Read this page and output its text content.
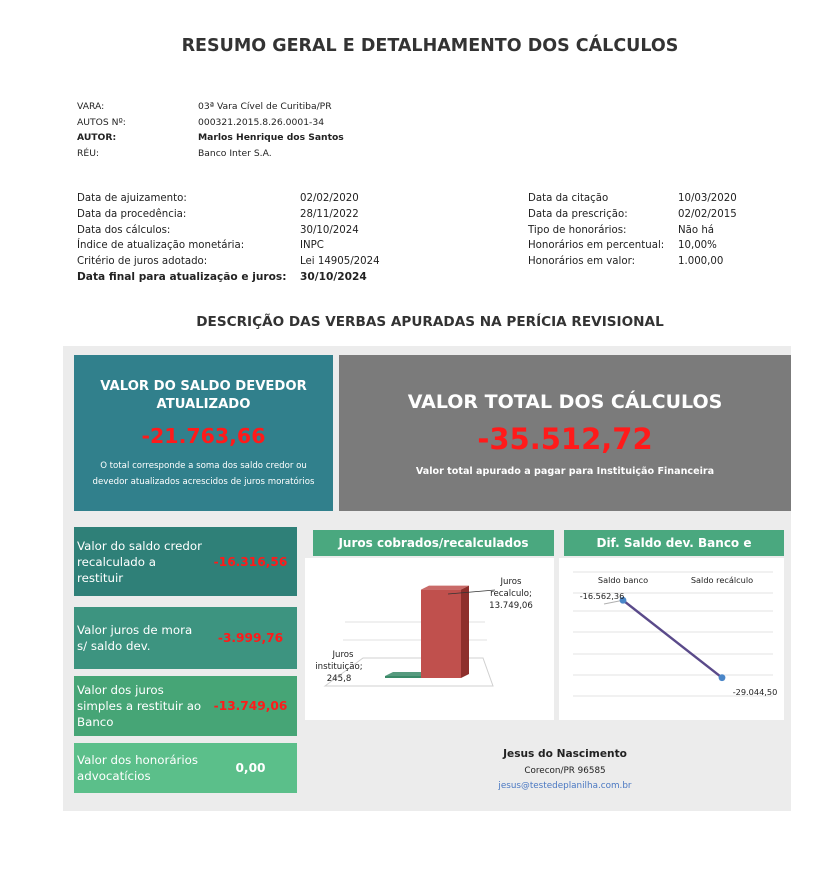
RESUMO GERAL E DETALHAMENTO DOS CÁLCULOS
VARA:	03ª Vara Cível de Curitiba/PR
AUTOS Nº:	000321.2015.8.26.0001-34
AUTOR:	Marlos Henrique dos Santos
RÉU:	Banco Inter S.A.
Data de ajuizamento:	02/02/2020
Data da procedência:	28/11/2022
Data dos cálculos:	30/10/2024
Índice de atualização monetária:	INPC
Critério de juros adotado:	Lei 14905/2024
Data final para atualização e juros:	30/10/2024
Data da citação	10/03/2020
Data da prescrição:	02/02/2015
Tipo de honorários:	Não há
Honorários em percentual:	10,00%
Honorários em valor:	1.000,00
DESCRIÇÃO DAS VERBAS APURADAS NA PERÍCIA REVISIONAL
VALOR DO SALDO DEVEDOR ATUALIZADO
-21.763,66
O total corresponde a soma dos saldo credor ou devedor atualizados acrescidos de juros moratórios
VALOR TOTAL DOS CÁLCULOS
-35.512,72
Valor total apurado a pagar para Instituição Financeira
Valor do saldo credor recalculado a restituir
-16.316,56
Valor juros de mora s/ saldo dev.
-3.999,76
Valor dos juros simples a restituir ao Banco
-13.749,06
Valor dos honorários advocatícios
0,00
Juros cobrados/recalculados
Juros
recalculo;
13.749,06
Juros
instituição;
245,8
Dif. Saldo dev. Banco e
Saldo banco	Saldo recálculo
-16.562,36
-29.044,50
Jesus do Nascimento
Corecon/PR 96585
jesus@testedeplanilha.com.br
